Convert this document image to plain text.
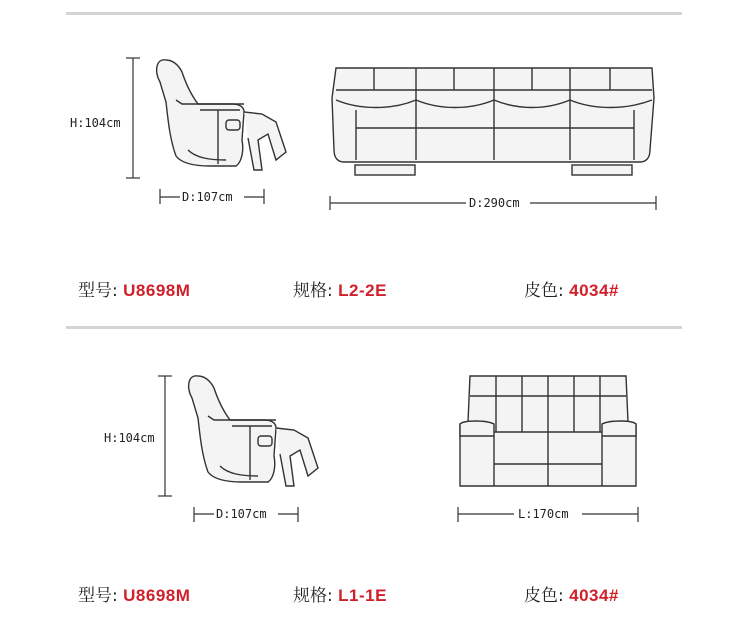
H:104cm
D:107cm	D:290cm
型号: U8698M	规格: L2-2E	皮色: 4034#
H:104cm
D:107cm	L:170cm
型号: U8698M	规格: L1-1E	皮色: 4034#
